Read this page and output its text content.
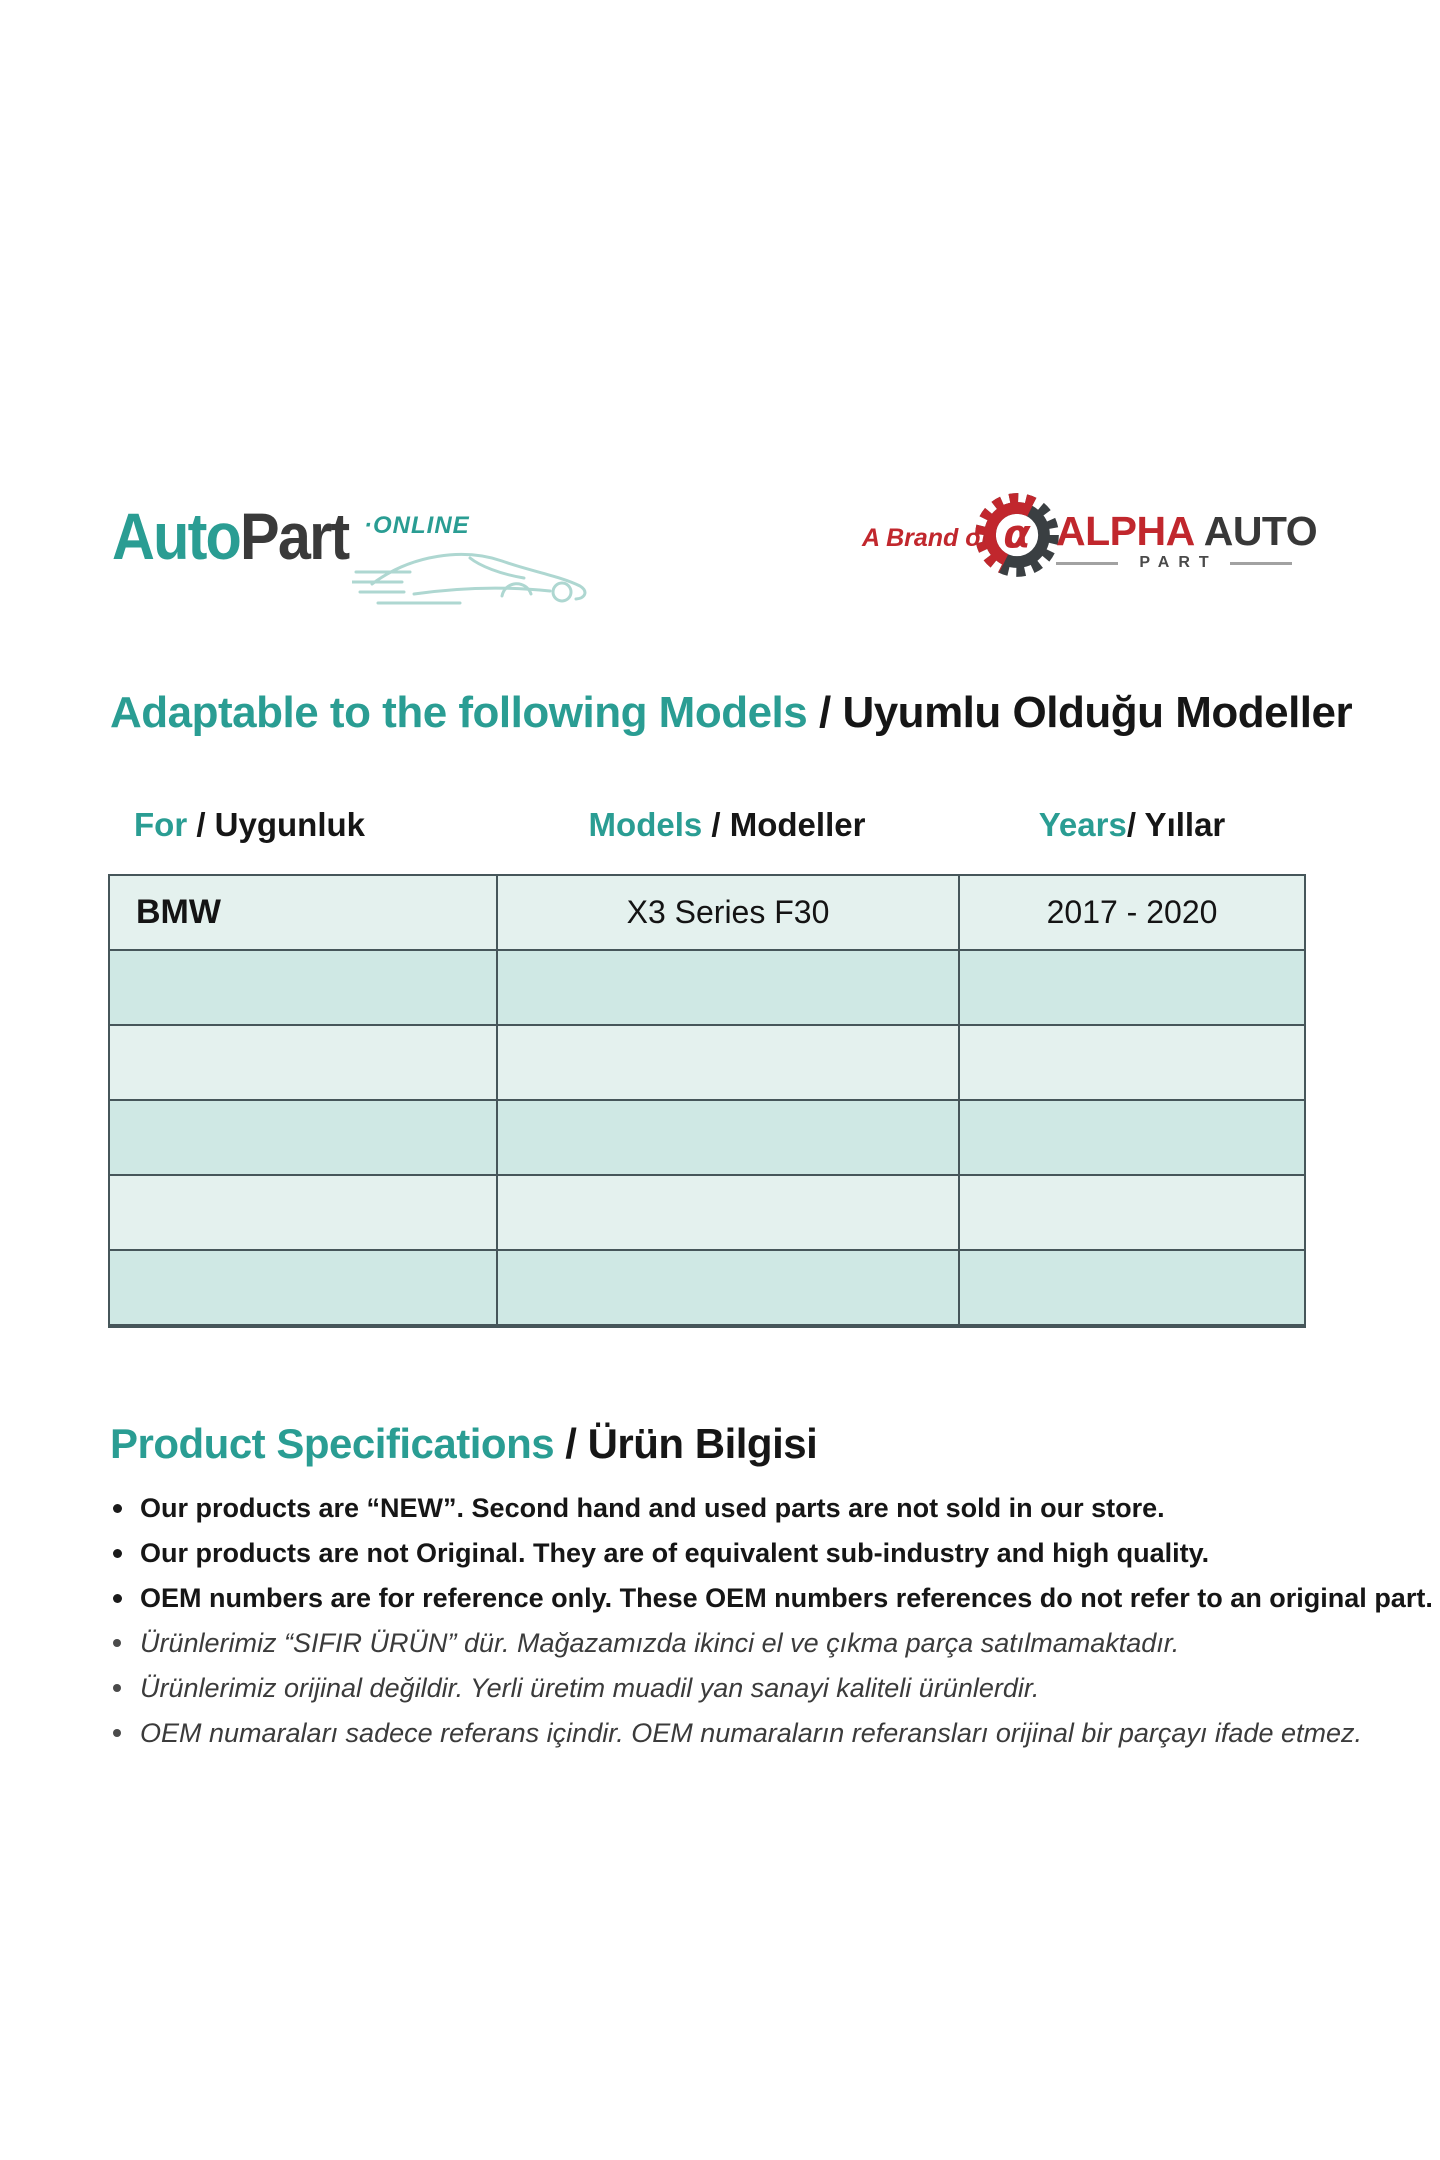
AutoPart ·ONLINE	A Brand of α ALPHA AUTO
PART
Adaptable to the following Models / Uyumlu Olduğu Modeller
For / Uygunluk	Models / Modeller	Years/ Yıllar
BMW	X3 Series F30	2017 - 2020
Product Specifications / Ürün Bilgisi
Our products are “NEW”. Second hand and used parts are not sold in our store.
Our products are not Original. They are of equivalent sub-industry and high quality.
OEM numbers are for reference only. These OEM numbers references do not refer to an original part.
Ürünlerimiz “SIFIR ÜRÜN” dür. Mağazamızda ikinci el ve çıkma parça satılmamaktadır.
Ürünlerimiz orijinal değildir. Yerli üretim muadil yan sanayi kaliteli ürünlerdir.
OEM numaraları sadece referans içindir. OEM numaraların referansları orijinal bir parçayı ifade etmez.
